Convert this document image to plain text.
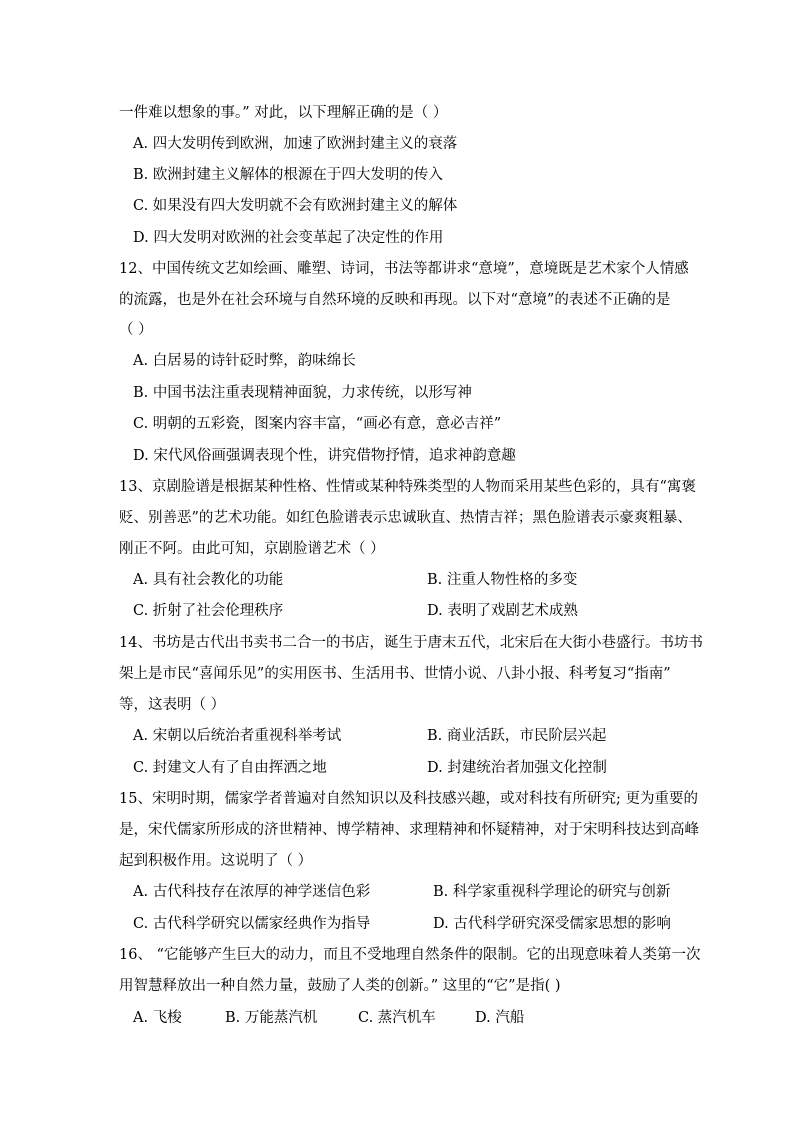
一件难以想象的事。” 对此，以下理解正确的是（ ）
A. 四大发明传到欧洲，加速了欧洲封建主义的衰落
B. 欧洲封建主义解体的根源在于四大发明的传入
C. 如果没有四大发明就不会有欧洲封建主义的解体
D. 四大发明对欧洲的社会变革起了决定性的作用
12、中国传统文艺如绘画、雕塑、诗词，书法等都讲求“意境”，意境既是艺术家个人情感
的流露，也是外在社会环境与自然环境的反映和再现。以下对“意境”的表述不正确的是
（ ）
A. 白居易的诗针砭时弊，韵味绵长
B. 中国书法注重表现精神面貌，力求传统，以形写神
C. 明朝的五彩瓷，图案内容丰富，“画必有意，意必吉祥”
D. 宋代风俗画强调表现个性，讲究借物抒情，追求神韵意趣
13、京剧脸谱是根据某种性格、性情或某种特殊类型的人物而采用某些色彩的，具有“寓褒
贬、别善恶”的艺术功能。如红色脸谱表示忠诚耿直、热情吉祥；黑色脸谱表示豪爽粗暴、
刚正不阿。由此可知，京剧脸谱艺术（ ）
A. 具有社会教化的功能	B. 注重人物性格的多变
C. 折射了社会伦理秩序	D. 表明了戏剧艺术成熟
14、书坊是古代出书卖书二合一的书店，诞生于唐末五代，北宋后在大街小巷盛行。书坊书
架上是市民“喜闻乐见”的实用医书、生活用书、世情小说、八卦小报、科考复习“指南”
等，这表明（ ）
A. 宋朝以后统治者重视科举考试	B. 商业活跃，市民阶层兴起
C. 封建文人有了自由挥洒之地	D. 封建统治者加强文化控制
15、宋明时期，儒家学者普遍对自然知识以及科技感兴趣，或对科技有所研究; 更为重要的
是，宋代儒家所形成的济世精神、博学精神、求理精神和怀疑精神，对于宋明科技达到高峰
起到积极作用。这说明了（ ）
A. 古代科技存在浓厚的神学迷信色彩	B. 科学家重视科学理论的研究与创新
C. 古代科学研究以儒家经典作为指导	D. 古代科学研究深受儒家思想的影响
16、 “它能够产生巨大的动力，而且不受地理自然条件的限制。它的出现意味着人类第一次
用智慧释放出一种自然力量，鼓励了人类的创新。” 这里的“它”是指( )
A. 飞梭	B. 万能蒸汽机	C. 蒸汽机车	D. 汽船
